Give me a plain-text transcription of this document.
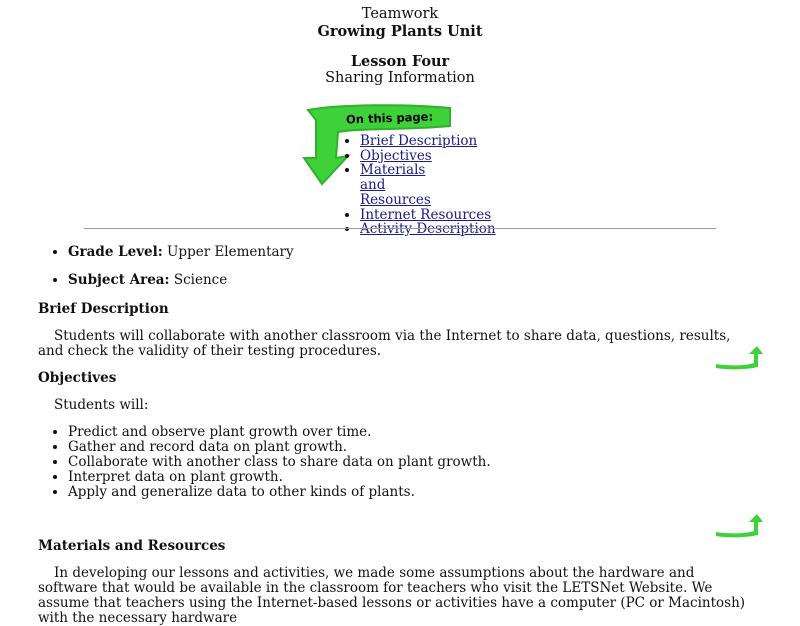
Teamwork
Growing Plants Unit
Lesson Four
Sharing Information
On this page:
• Brief Description
• Objectives
• Materials and Resources
• Internet Resources
• Activity Description
• Grade Level: Upper Elementary
• Subject Area: Science
Brief Description
Students will collaborate with another classroom via the Internet to share data, questions, results, and check the validity of their testing procedures.
Objectives
Students will:
• Predict and observe plant growth over time.
• Gather and record data on plant growth.
• Collaborate with another class to share data on plant growth.
• Interpret data on plant growth.
• Apply and generalize data to other kinds of plants.
Materials and Resources
In developing our lessons and activities, we made some assumptions about the hardware and software that would be available in the classroom for teachers who visit the LETSNet Website. We assume that teachers using the Internet-based lessons or activities have a computer (PC or Macintosh) with the necessary hardware
